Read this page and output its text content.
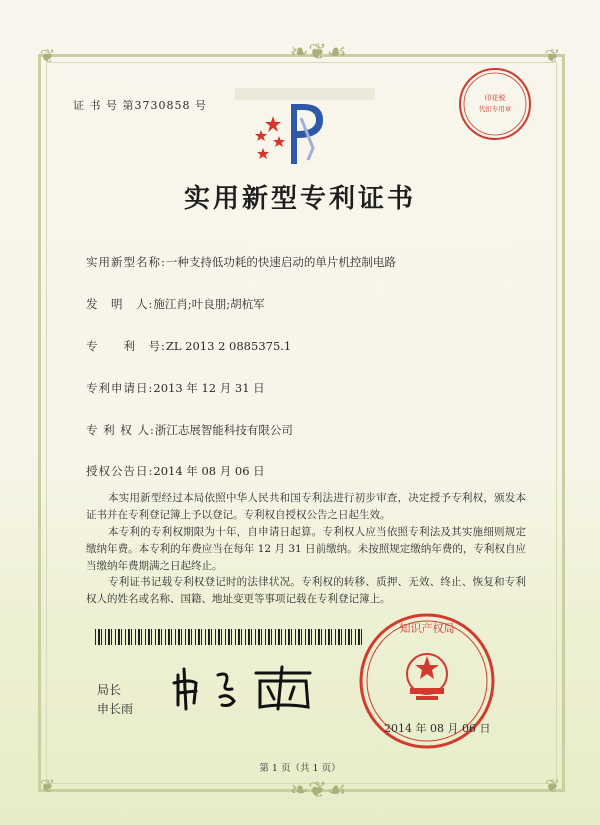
❦	❦
❦	❦
❧❦☙
❧❦☙
证 书 号 第3730858 号
实用新型专利证书
实用新型名称:一种支持低功耗的快速启动的单片机控制电路
发　明　人:施江肖;叶良朋;胡杭军
专　　利　号:ZL 2013 2 0885375.1
专利申请日:2013 年 12 月 31 日
专 利 权 人:浙江志展智能科技有限公司
授权公告日:2014 年 08 月 06 日
本实用新型经过本局依照中华人民共和国专利法进行初步审查，决定授予专利权，颁发本证书并在专利登记簿上予以登记。专利权自授权公告之日起生效。
本专利的专利权期限为十年，自申请日起算。专利权人应当依照专利法及其实施细则规定缴纳年费。本专利的年费应当在每年 12 月 31 日前缴纳。未按照规定缴纳年费的，专利权自应当缴纳年费期满之日起终止。
专利证书记载专利权登记时的法律状况。专利权的转移、质押、无效、终止、恢复和专利权人的姓名或名称、国籍、地址变更等事项记载在专利登记簿上。
局长
申长雨
印花税
代扣专用章
知识产权局
2014 年 08 月 06 日
第 1 页（共 1 页）
